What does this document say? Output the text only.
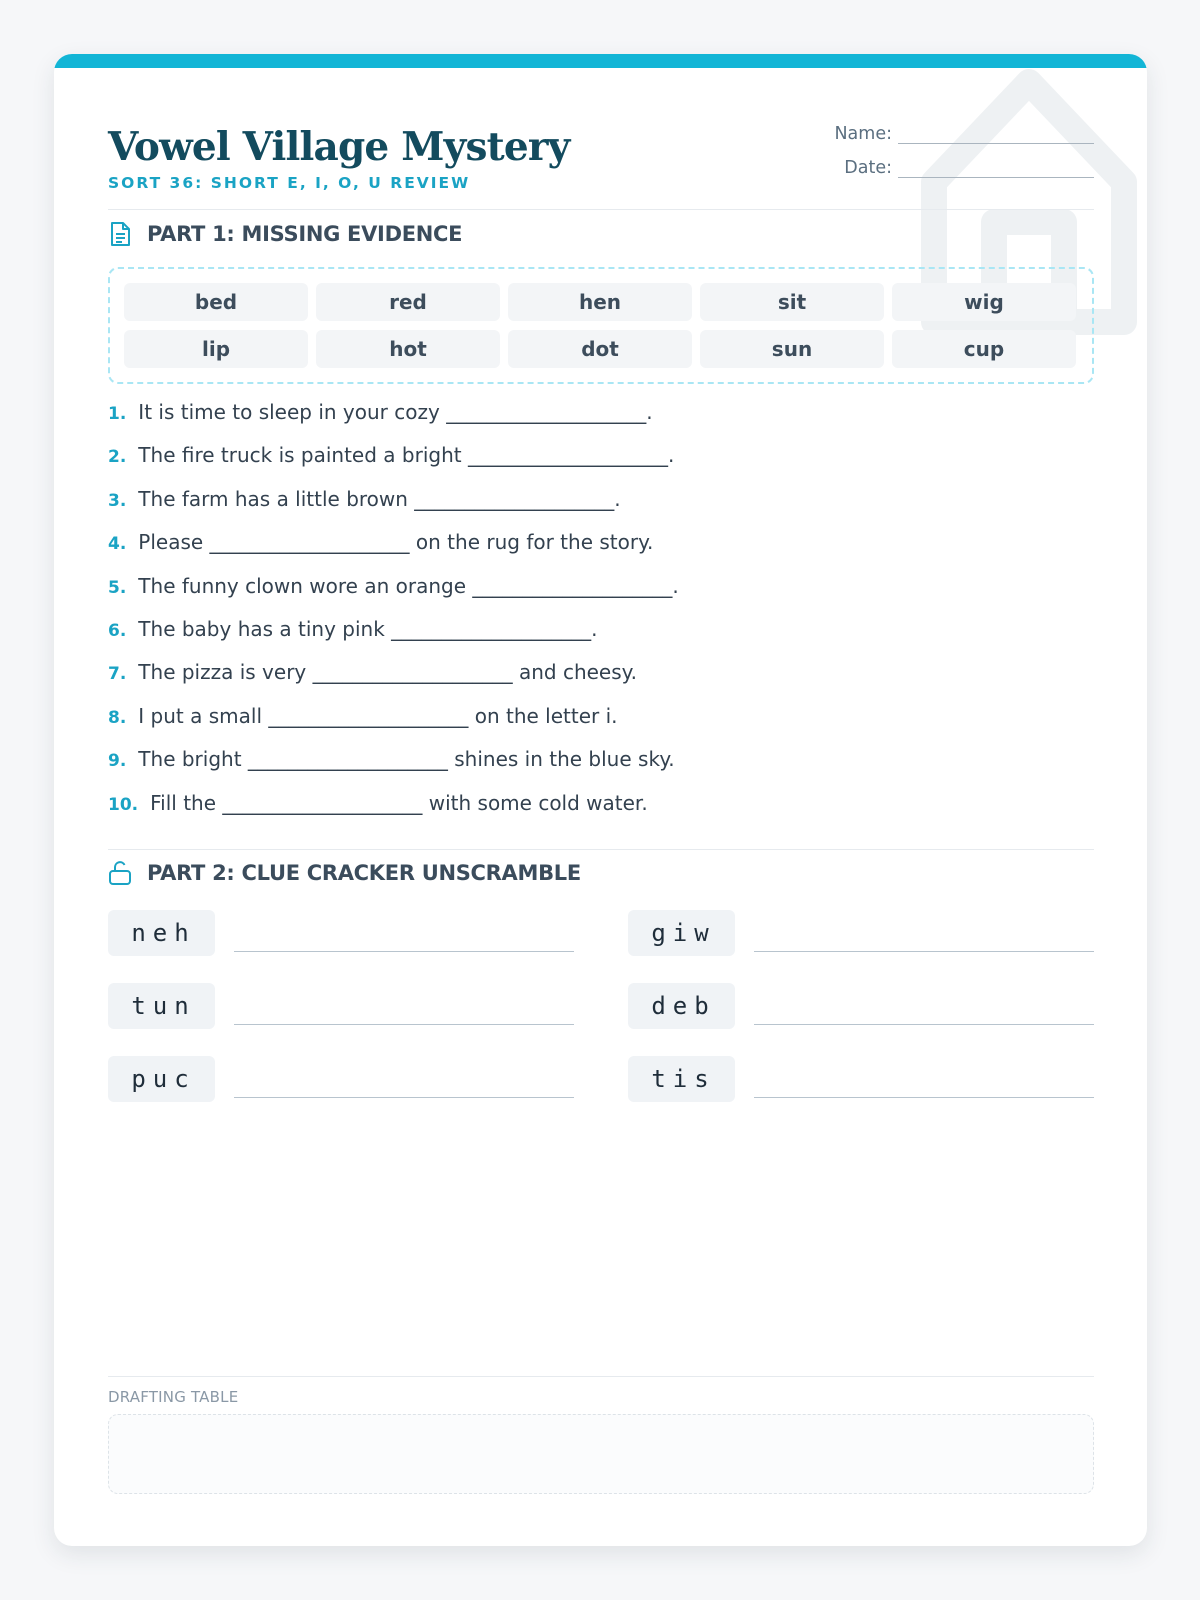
Vowel Village Mystery
SORT 36: SHORT E, I, O, U REVIEW
Name:
Date:
PART 1: MISSING EVIDENCE
bed	red	hen	sit	wig
lip	hot	dot	sun	cup
1. It is time to sleep in your cozy ____________________.
2. The fire truck is painted a bright ____________________.
3. The farm has a little brown ____________________.
4. Please ____________________ on the rug for the story.
5. The funny clown wore an orange ____________________.
6. The baby has a tiny pink ____________________.
7. The pizza is very ____________________ and cheesy.
8. I put a small ____________________ on the letter i.
9. The bright ____________________ shines in the blue sky.
10. Fill the ____________________ with some cold water.
PART 2: CLUE CRACKER UNSCRAMBLE
neh	giw
tun	deb
puc	tis
DRAFTING TABLE
